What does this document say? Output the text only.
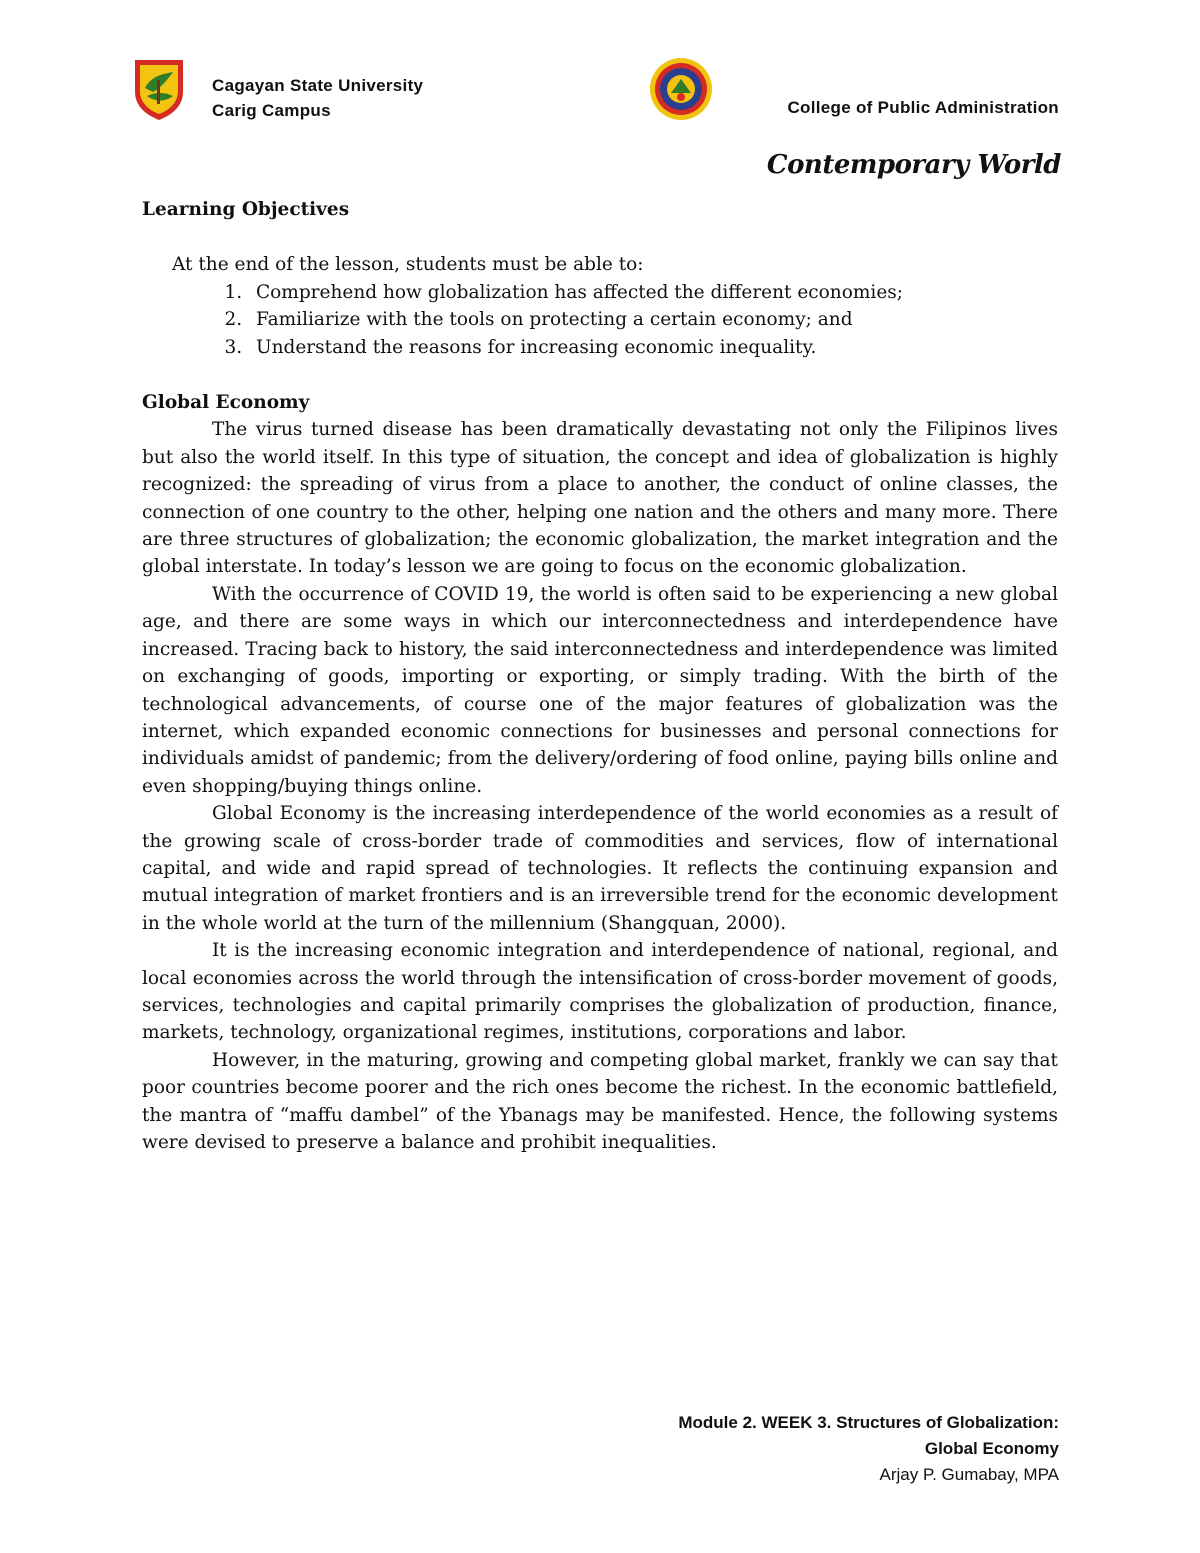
Cagayan State University
Carig Campus	College of Public Administration
Contemporary World
Learning Objectives
At the end of the lesson, students must be able to:
1. Comprehend how globalization has affected the different economies;
2. Familiarize with the tools on protecting a certain economy; and
3. Understand the reasons for increasing economic inequality.
Global Economy

The virus turned disease has been dramatically devastating not only the Filipinos lives but also the world itself. In this type of situation, the concept and idea of globalization is highly recognized: the spreading of virus from a place to another, the conduct of online classes, the connection of one country to the other, helping one nation and the others and many more. There are three structures of globalization; the economic globalization, the market integration and the global interstate. In today’s lesson we are going to focus on the economic globalization.

With the occurrence of COVID 19, the world is often said to be experiencing a new global age, and there are some ways in which our interconnectedness and interdependence have increased. Tracing back to history, the said interconnectedness and interdependence was limited on exchanging of goods, importing or exporting, or simply trading. With the birth of the technological advancements, of course one of the major features of globalization was the internet, which expanded economic connections for businesses and personal connections for individuals amidst of pandemic; from the delivery/ordering of food online, paying bills online and even shopping/buying things online.

Global Economy is the increasing interdependence of the world economies as a result of the growing scale of cross-border trade of commodities and services, flow of international capital, and wide and rapid spread of technologies. It reflects the continuing expansion and mutual integration of market frontiers and is an irreversible trend for the economic development in the whole world at the turn of the millennium (Shangquan, 2000).

It is the increasing economic integration and interdependence of national, regional, and local economies across the world through the intensification of cross-border movement of goods, services, technologies and capital primarily comprises the globalization of production, finance, markets, technology, organizational regimes, institutions, corporations and labor.

However, in the maturing, growing and competing global market, frankly we can say that poor countries become poorer and the rich ones become the richest. In the economic battlefield, the mantra of “maffu dambel” of the Ybanags may be manifested. Hence, the following systems were devised to preserve a balance and prohibit inequalities.

Module 2. WEEK 3. Structures of Globalization:
Global Economy
Arjay P. Gumabay, MPA
